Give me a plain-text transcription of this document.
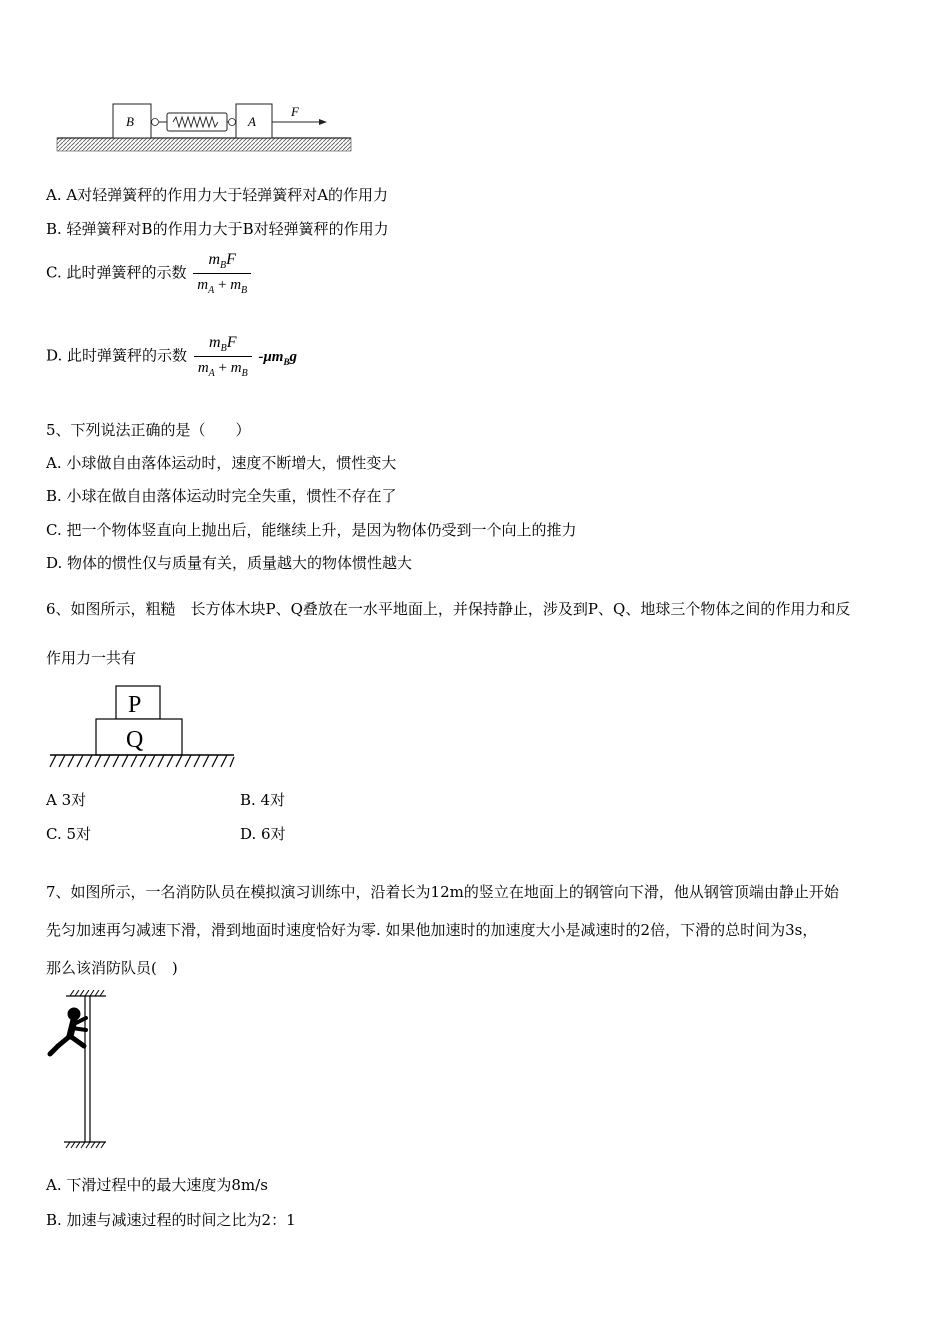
B	A
F
A. A对轻弹簧秤的作用力大于轻弹簧秤对A的作用力
B. 轻弹簧秤对B的作用力大于B对轻弹簧秤的作用力
C. 此时弹簧秤的示数 $\frac{m_BF}{m_A + m_B}$
D. 此时弹簧秤的示数 $\frac{m_BF}{m_A + m_B} -\mu m_Bg$
5、下列说法正确的是（　　）
A. 小球做自由落体运动时，速度不断增大，惯性变大
B. 小球在做自由落体运动时完全失重，惯性不存在了
C. 把一个物体竖直向上抛出后，能继续上升，是因为物体仍受到一个向上的推力
D. 物体的惯性仅与质量有关，质量越大的物体惯性越大
6、如图所示，粗糙　长方体木块P、Q叠放在一水平地面上，并保持静止，涉及到P、Q、地球三个物体之间的作用力和反
作用力一共有
P
Q
A 3对	B. 4对
C. 5对	D. 6对
7、如图所示，一名消防队员在模拟演习训练中，沿着长为12m的竖立在地面上的钢管向下滑，他从钢管顶端由静止开始
先匀加速再匀减速下滑，滑到地面时速度恰好为零. 如果他加速时的加速度大小是减速时的2倍，下滑的总时间为3s，
那么该消防队员(　)
A. 下滑过程中的最大速度为8m/s
B. 加速与减速过程的时间之比为2：1
